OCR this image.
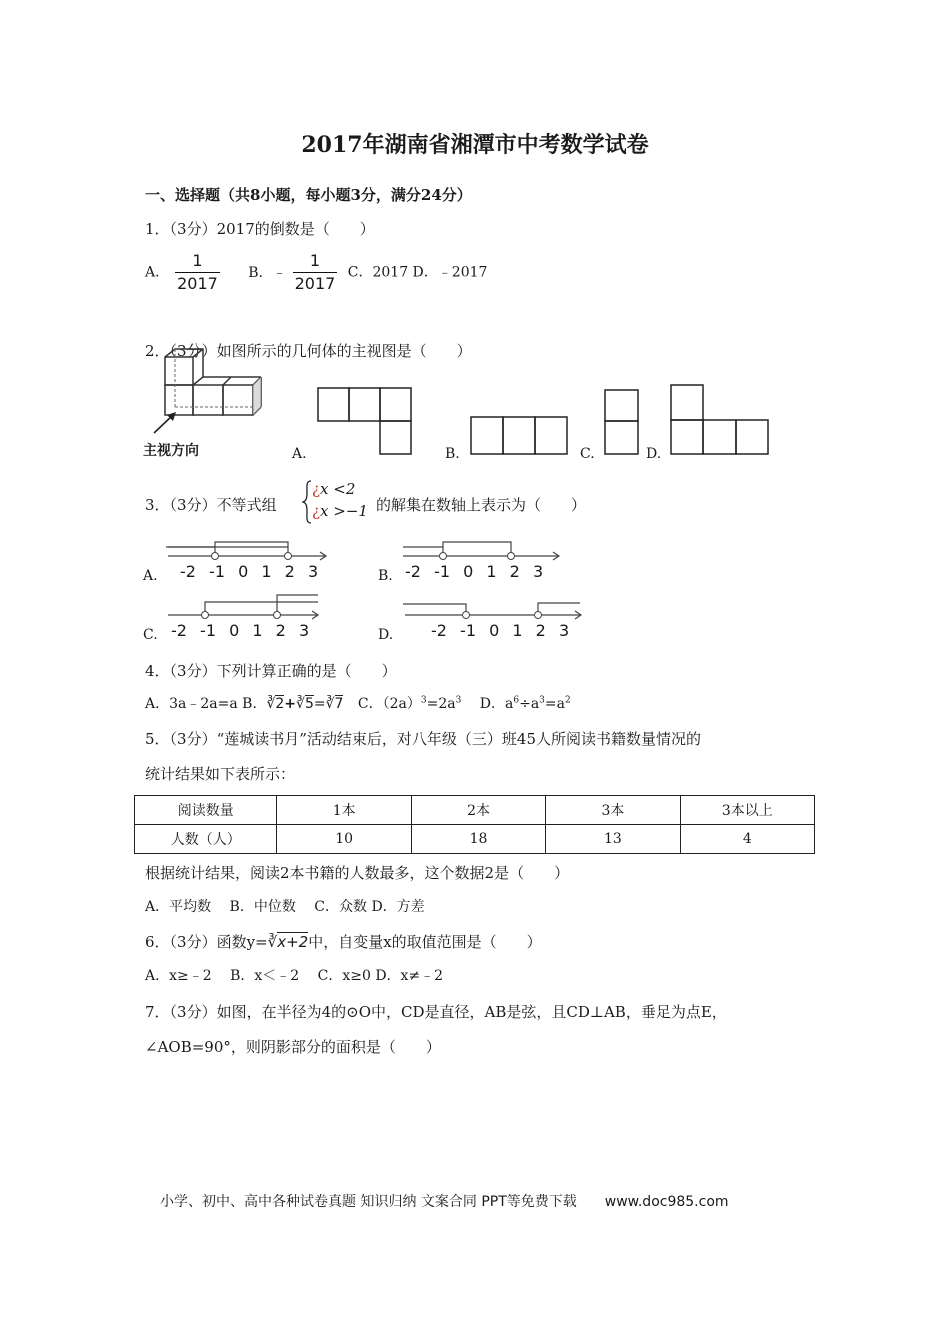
2017年湖南省湘潭市中考数学试卷
一、选择题（共8小题，每小题3分，满分24分）
1．（3分）2017的倒数是（　　）
A． $\frac{1}{2017}$ B．﹣ $\frac{1}{2017}$ C．2017 D．﹣2017
2．（3分）如图所示的几何体的主视图是（　　）
主视方向	A.	B.	C.	D.
3．（3分）不等式组
¿x <2
¿x >−1 的解集在数轴上表示为（　　）
-2 -1 0 1 2 3	-2 -1 0 1 2 3
-2 -1 0 1 2 3	-2 -1 0 1 2 3
A.	B.
C.	D.
4．（3分）下列计算正确的是（　　）
A．3a﹣2a=a B．∛2+∛5=∛7 C．$(2a)^3=2a^3$ D．$a^6\div a^3=a^2$
5．（3分）“莲城读书月”活动结束后，对八年级（三）班45人所阅读书籍数量情况的
统计结果如下表所示：
阅读数量	1本	2本	3本	3本以上
人数（人）	10	18	13	4
根据统计结果，阅读2本书籍的人数最多，这个数据2是（　　）
A．平均数　 B．中位数　 C．众数 D．方差
6．（3分）函数y=∛x+2中，自变量x的取值范围是（　　）
A．x≥﹣2　 B．x＜﹣2　 C．x≥0 D．x≠﹣2
7．（3分）如图，在半径为4的⊙O中，CD是直径，AB是弦，且CD⊥AB，垂足为点E，
∠AOB=90°，则阴影部分的面积是（　　）
小学、初中、高中各种试卷真题 知识归纳 文案合同 PPT等免费下载　　www.doc985.com
